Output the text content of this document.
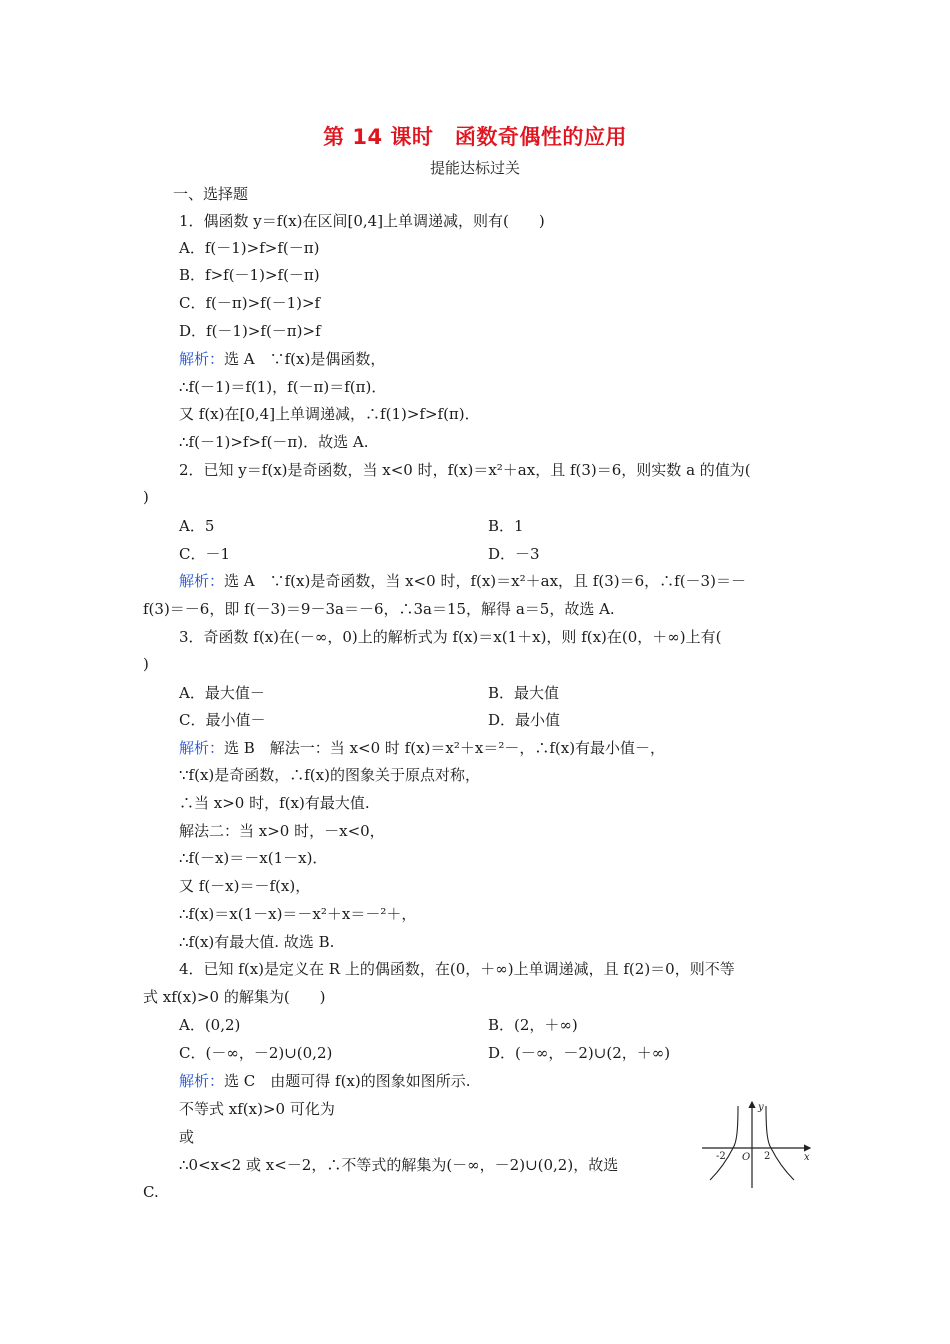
第 14 课时　函数奇偶性的应用
提能达标过关
一、选择题
1．偶函数 y＝f(x)在区间[0,4]上单调递减，则有(　　)
A．f(－1)>f>f(－π)
B．f>f(－1)>f(－π)
C．f(－π)>f(－1)>f
D．f(－1)>f(－π)>f
解析：选 A　∵f(x)是偶函数，
∴f(－1)＝f(1)，f(－π)＝f(π)．
又 f(x)在[0,4]上单调递减，∴f(1)>f>f(π)．
∴f(－1)>f>f(－π)．故选 A.
2．已知 y＝f(x)是奇函数，当 x<0 时，f(x)＝x²＋ax，且 f(3)＝6，则实数 a 的值为(
)
A．5	B．1
C．－1	D．－3
解析：选 A　∵f(x)是奇函数，当 x<0 时，f(x)＝x²＋ax，且 f(3)＝6，∴f(－3)＝－
f(3)＝－6，即 f(－3)＝9－3a＝－6，∴3a＝15，解得 a＝5，故选 A.
3．奇函数 f(x)在(－∞，0)上的解析式为 f(x)＝x(1＋x)，则 f(x)在(0，＋∞)上有(
)
A．最大值－	B．最大值
C．最小值－	D．最小值
解析：选 B　解法一：当 x<0 时 f(x)＝x²＋x＝²－，∴f(x)有最小值－，
∵f(x)是奇函数，∴f(x)的图象关于原点对称，
∴当 x>0 时，f(x)有最大值.
解法二：当 x>0 时，－x<0，
∴f(－x)＝－x(1－x)．
又 f(－x)＝－f(x)，
∴f(x)＝x(1－x)＝－x²＋x＝－²＋，
∴f(x)有最大值. 故选 B.
4．已知 f(x)是定义在 R 上的偶函数，在(0，＋∞)上单调递减，且 f(2)＝0，则不等
式 xf(x)>0 的解集为(　　)
A．(0,2)	B．(2，＋∞)
C．(－∞，－2)∪(0,2)	D．(－∞，－2)∪(2，＋∞)
解析：选 C　由题可得 f(x)的图象如图所示.
不等式 xf(x)>0 可化为
或
∴0<x<2 或 x<－2，∴不等式的解集为(－∞，－2)∪(0,2)，故选
C.
y
x
O
-2	2
